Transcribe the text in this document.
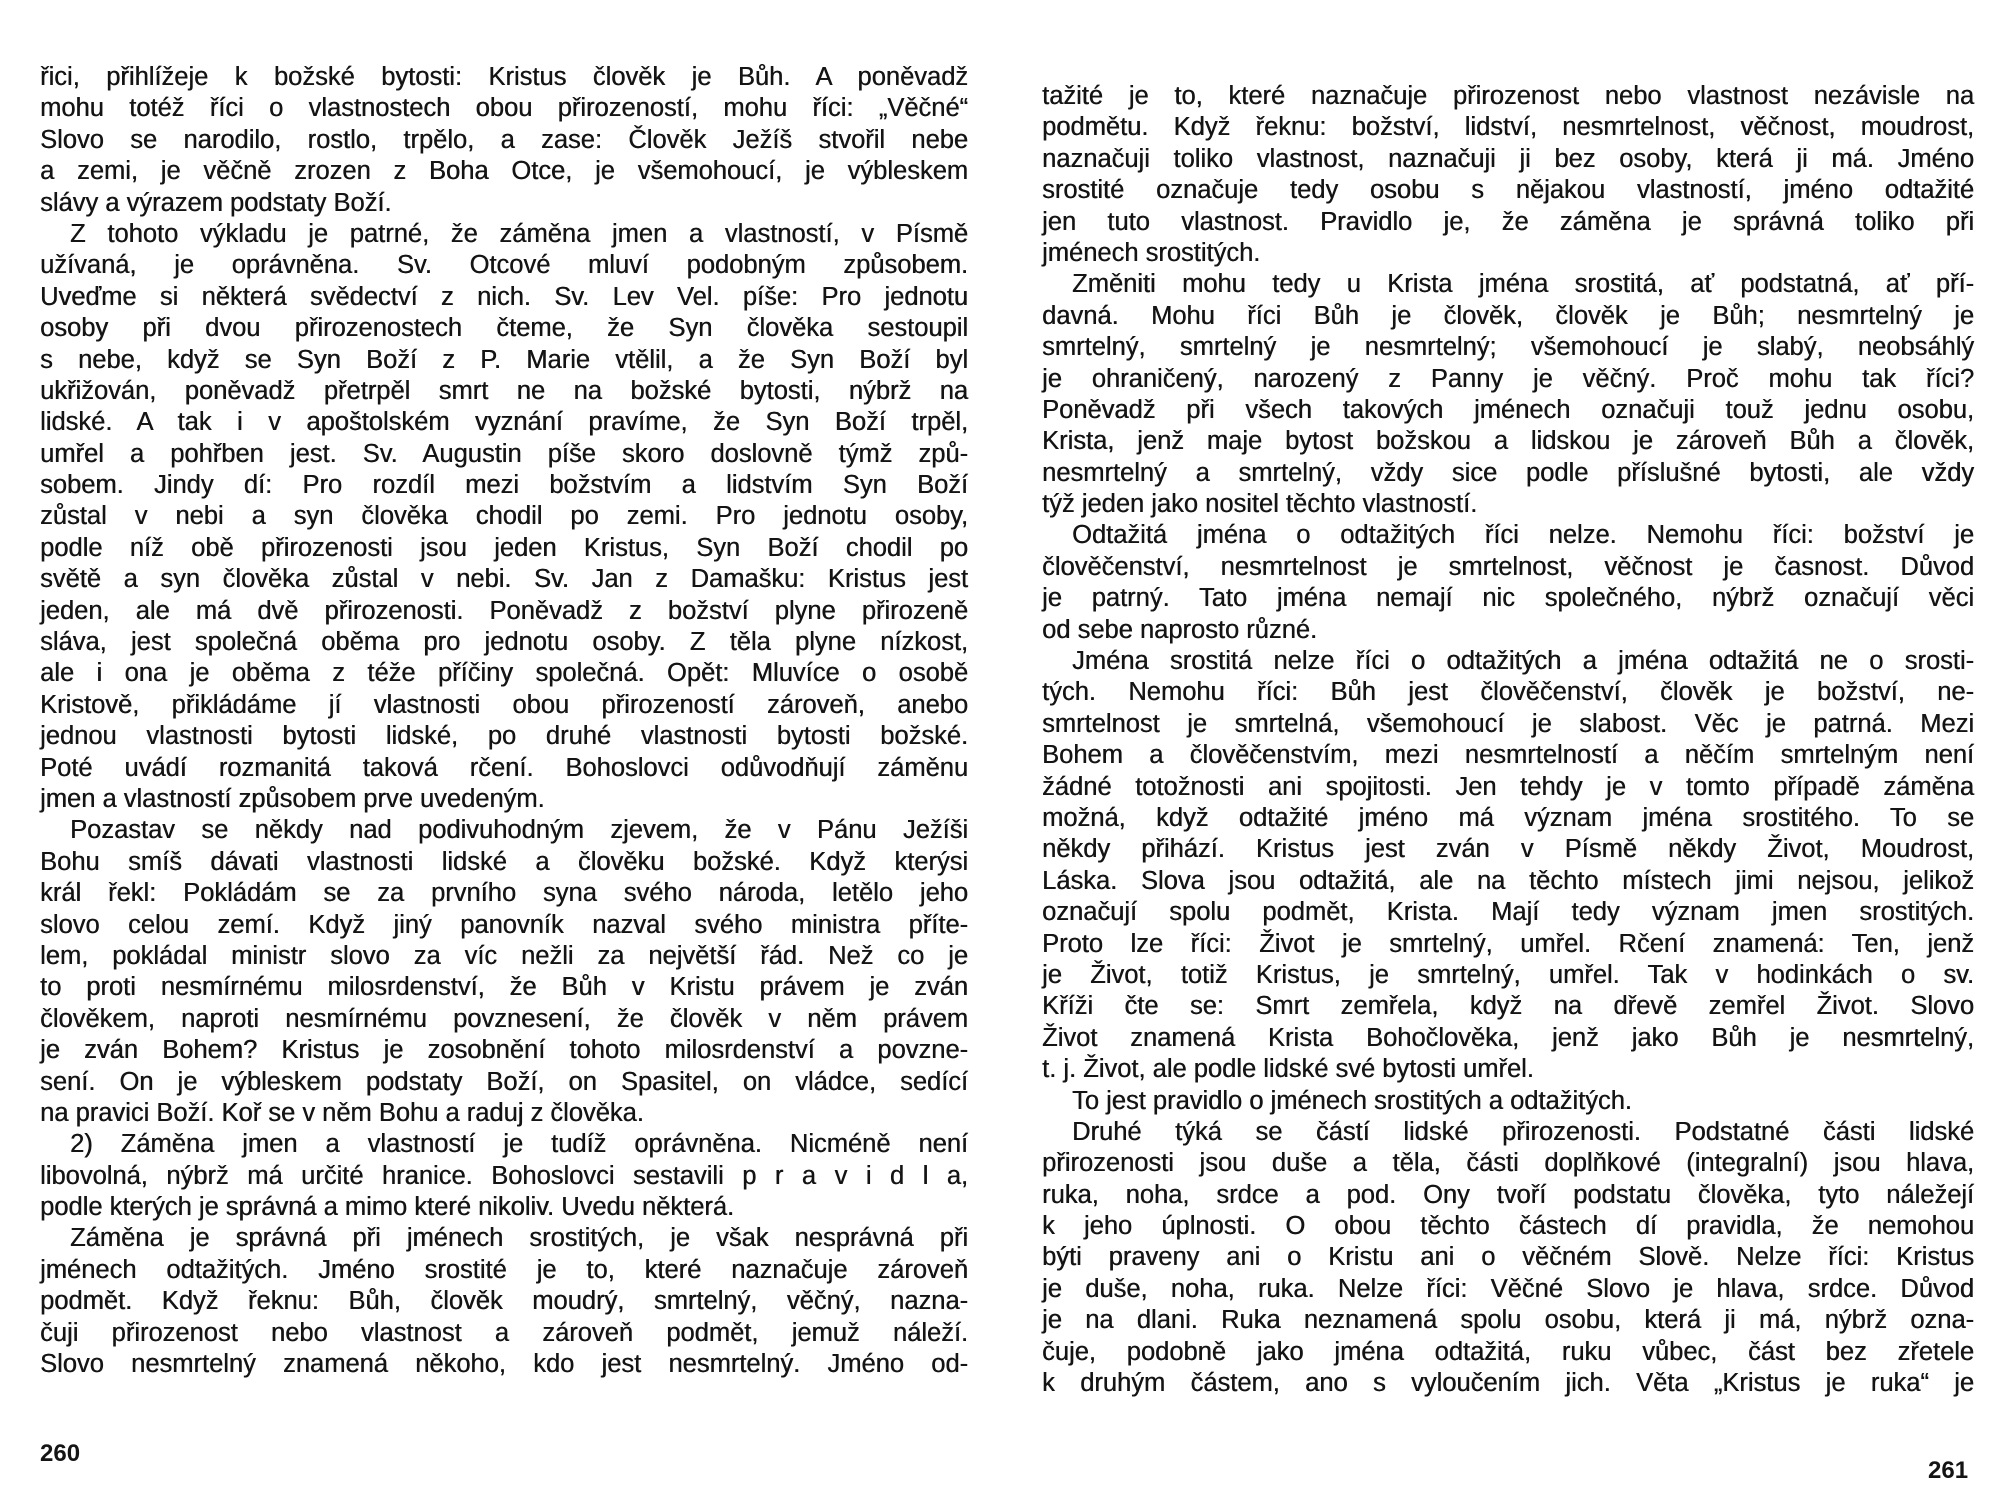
řici, přihlížeje k božské bytosti: Kristus člověk je Bůh. A poněvadž
mohu totéž říci o vlastnostech obou přirozeností, mohu říci: „Věčné“
Slovo se narodilo, rostlo, trpělo, a zase: Člověk Ježíš stvořil nebe
a zemi, je věčně zrozen z Boha Otce, je všemohoucí, je výbleskem
slávy a výrazem podstaty Boží.
Z tohoto výkladu je patrné, že záměna jmen a vlastností, v Písmě
užívaná, je oprávněna. Sv. Otcové mluví podobným způsobem.
Uveďme si některá svědectví z nich. Sv. Lev Vel. píše: Pro jednotu
osoby při dvou přirozenostech čteme, že Syn člověka sestoupil
s nebe, když se Syn Boží z P. Marie vtělil, a že Syn Boží byl
ukřižován, poněvadž přetrpěl smrt ne na božské bytosti, nýbrž na
lidské. A tak i v apoštolském vyznání pravíme, že Syn Boží trpěl,
umřel a pohřben jest. Sv. Augustin píše skoro doslovně týmž způ-
sobem. Jindy dí: Pro rozdíl mezi božstvím a lidstvím Syn Boží
zůstal v nebi a syn člověka chodil po zemi. Pro jednotu osoby,
podle níž obě přirozenosti jsou jeden Kristus, Syn Boží chodil po
světě a syn člověka zůstal v nebi. Sv. Jan z Damašku: Kristus jest
jeden, ale má dvě přirozenosti. Poněvadž z božství plyne přirozeně
sláva, jest společná oběma pro jednotu osoby. Z těla plyne nízkost,
ale i ona je oběma z téže příčiny společná. Opět: Mluvíce o osobě
Kristově, přikládáme jí vlastnosti obou přirozeností zároveň, anebo
jednou vlastnosti bytosti lidské, po druhé vlastnosti bytosti božské.
Poté uvádí rozmanitá taková rčení. Bohoslovci odůvodňují záměnu
jmen a vlastností způsobem prve uvedeným.
Pozastav se někdy nad podivuhodným zjevem, že v Pánu Ježíši
Bohu smíš dávati vlastnosti lidské a člověku božské. Když kterýsi
král řekl: Pokládám se za prvního syna svého národa, letělo jeho
slovo celou zemí. Když jiný panovník nazval svého ministra příte-
lem, pokládal ministr slovo za víc nežli za největší řád. Než co je
to proti nesmírnému milosrdenství, že Bůh v Kristu právem je zván
člověkem, naproti nesmírnému povznesení, že člověk v něm právem
je zván Bohem? Kristus je zosobnění tohoto milosrdenství a povzne-
sení. On je výbleskem podstaty Boží, on Spasitel, on vládce, sedící
na pravici Boží. Koř se v něm Bohu a raduj z člověka.
2) Záměna jmen a vlastností je tudíž oprávněna. Nicméně není
libovolná, nýbrž má určité hranice. Bohoslovci sestavili p r a v i d l a,
podle kterých je správná a mimo které nikoliv. Uvedu některá.
Záměna je správná při jménech srostitých, je však nesprávná při
jménech odtažitých. Jméno srostité je to, které naznačuje zároveň
podmět. Když řeknu: Bůh, člověk moudrý, smrtelný, věčný, nazna-
čuji přirozenost nebo vlastnost a zároveň podmět, jemuž náleží.
Slovo nesmrtelný znamená někoho, kdo jest nesmrtelný. Jméno od-
260
tažité je to, které naznačuje přirozenost nebo vlastnost nezávisle na
podmětu. Když řeknu: božství, lidství, nesmrtelnost, věčnost, moudrost,
naznačuji toliko vlastnost, naznačuji ji bez osoby, která ji má. Jméno
srostité označuje tedy osobu s nějakou vlastností, jméno odtažité
jen tuto vlastnost. Pravidlo je, že záměna je správná toliko při
jménech srostitých.
Změniti mohu tedy u Krista jména srostitá, ať podstatná, ať pří-
davná. Mohu říci Bůh je člověk, člověk je Bůh; nesmrtelný je
smrtelný, smrtelný je nesmrtelný; všemohoucí je slabý, neobsáhlý
je ohraničený, narozený z Panny je věčný. Proč mohu tak říci?
Poněvadž při všech takových jménech označuji touž jednu osobu,
Krista, jenž maje bytost božskou a lidskou je zároveň Bůh a člověk,
nesmrtelný a smrtelný, vždy sice podle příslušné bytosti, ale vždy
týž jeden jako nositel těchto vlastností.
Odtažitá jména o odtažitých říci nelze. Nemohu říci: božství je
člověčenství, nesmrtelnost je smrtelnost, věčnost je časnost. Důvod
je patrný. Tato jména nemají nic společného, nýbrž označují věci
od sebe naprosto různé.
Jména srostitá nelze říci o odtažitých a jména odtažitá ne o srosti-
tých. Nemohu říci: Bůh jest člověčenství, člověk je božství, ne-
smrtelnost je smrtelná, všemohoucí je slabost. Věc je patrná. Mezi
Bohem a člověčenstvím, mezi nesmrtelností a něčím smrtelným není
žádné totožnosti ani spojitosti. Jen tehdy je v tomto případě záměna
možná, když odtažité jméno má význam jména srostitého. To se
někdy přihází. Kristus jest zván v Písmě někdy Život, Moudrost,
Láska. Slova jsou odtažitá, ale na těchto místech jimi nejsou, jelikož
označují spolu podmět, Krista. Mají tedy význam jmen srostitých.
Proto lze říci: Život je smrtelný, umřel. Rčení znamená: Ten, jenž
je Život, totiž Kristus, je smrtelný, umřel. Tak v hodinkách o sv.
Kříži čte se: Smrt zemřela, když na dřevě zemřel Život. Slovo
Život znamená Krista Bohočlověka, jenž jako Bůh je nesmrtelný,
t. j. Život, ale podle lidské své bytosti umřel.
To jest pravidlo o jménech srostitých a odtažitých.
Druhé týká se částí lidské přirozenosti. Podstatné části lidské
přirozenosti jsou duše a těla, části doplňkové (integralní) jsou hlava,
ruka, noha, srdce a pod. Ony tvoří podstatu člověka, tyto náležejí
k jeho úplnosti. O obou těchto částech dí pravidla, že nemohou
býti praveny ani o Kristu ani o věčném Slově. Nelze říci: Kristus
je duše, noha, ruka. Nelze říci: Věčné Slovo je hlava, srdce. Důvod
je na dlani. Ruka neznamená spolu osobu, která ji má, nýbrž ozna-
čuje, podobně jako jména odtažitá, ruku vůbec, část bez zřetele
k druhým částem, ano s vyloučením jich. Věta „Kristus je ruka“ je
261
